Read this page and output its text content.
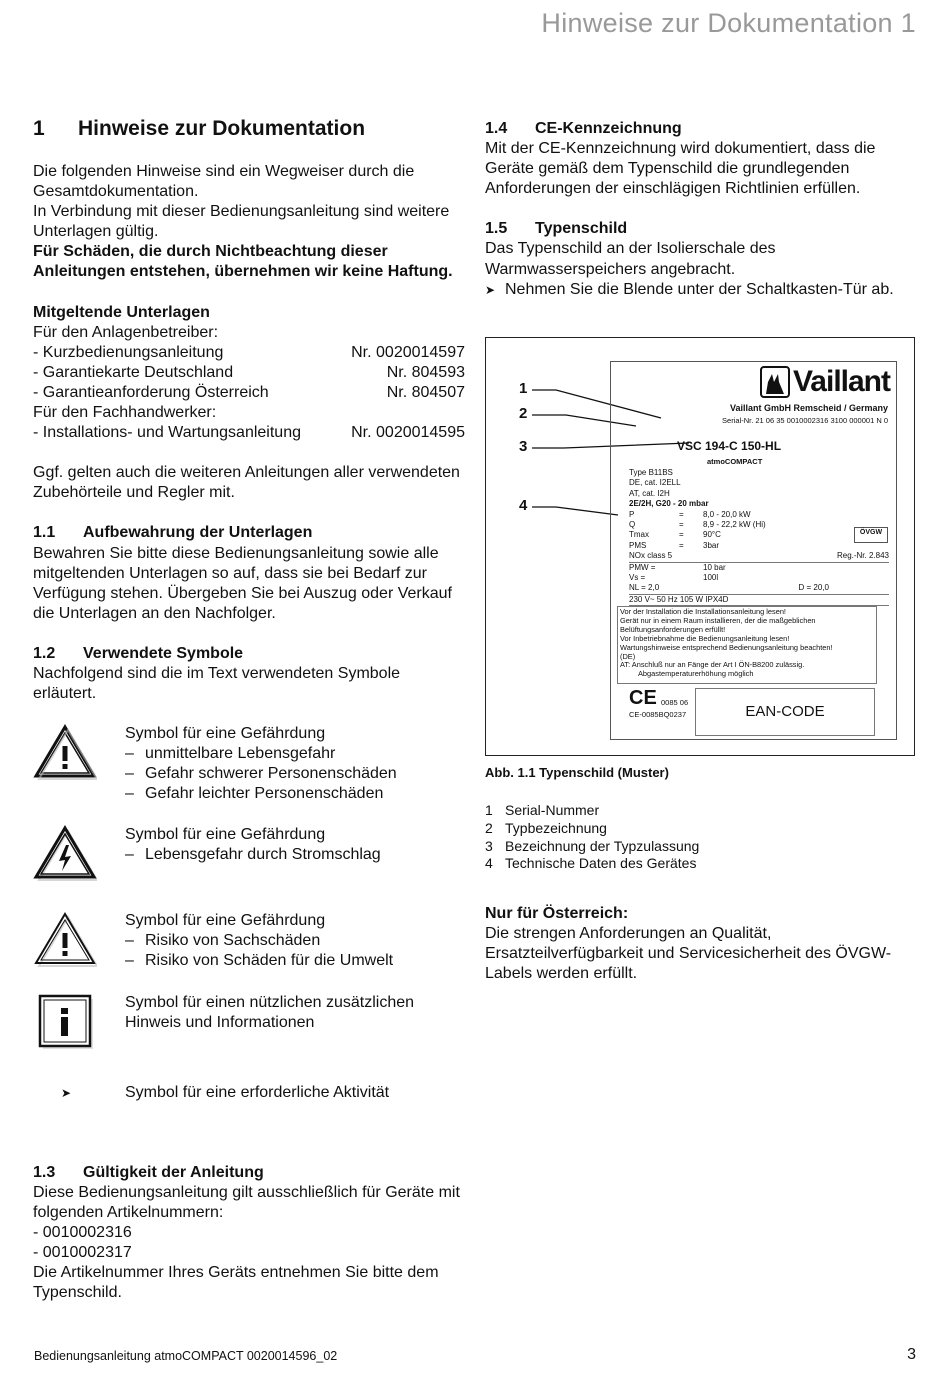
Hinweise zur Dokumentation 1
1 Hinweise zur Dokumentation

Die folgenden Hinweise sind ein Wegweiser durch die Gesamtdokumentation.

In Verbindung mit dieser Bedienungsanleitung sind weitere Unterlagen gültig.

Für Schäden, die durch Nichtbeachtung dieser Anleitungen entstehen, übernehmen wir keine Haftung.

Mitgeltende Unterlagen

Für den Anlagenbetreiber:

- Kurzbedienungsanleitung	Nr. 0020014597
- Garantiekarte Deutschland	Nr. 804593
- Garantieanforderung Österreich	Nr. 804507

Für den Fachhandwerker:

- Installations- und Wartungsanleitung	Nr. 0020014595

Ggf. gelten auch die weiteren Anleitungen aller verwendeten Zubehörteile und Regler mit.

1.1 Aufbewahrung der Unterlagen

Bewahren Sie bitte diese Bedienungsanleitung sowie alle mitgeltenden Unterlagen so auf, dass sie bei Bedarf zur Verfügung stehen. Übergeben Sie bei Auszug oder Verkauf die Unterlagen an den Nachfolger.

1.2 Verwendete Symbole

Nachfolgend sind die im Text verwendeten Symbole erläutert.

Symbol für eine Gefährdung

– unmittelbare Lebensgefahr
– Gefahr schwerer Personenschäden
– Gefahr leichter Personenschäden

Symbol für eine Gefährdung

– Lebensgefahr durch Stromschlag

Symbol für eine Gefährdung

– Risiko von Sachschäden
– Risiko von Schäden für die Umwelt

Symbol für einen nützlichen zusätzlichen Hinweis und Informationen

➤	Symbol für eine erforderliche Aktivität

1.3 Gültigkeit der Anleitung

Diese Bedienungsanleitung gilt ausschließlich für Geräte mit folgenden Artikelnummern:

- 0010002316

- 0010002317

Die Artikelnummer Ihres Geräts entnehmen Sie bitte dem Typenschild.

1.4 CE-Kennzeichnung

Mit der CE-Kennzeichnung wird dokumentiert, dass die Geräte gemäß dem Typenschild die grundlegenden Anforderungen der einschlägigen Richtlinien erfüllen.

1.5 Typenschild

Das Typenschild an der Isolierschale des Warmwasserspeichers angebracht.

➤ Nehmen Sie die Blende unter der Schaltkasten-Tür ab.
1
2
3
4
Vaillant
Vaillant GmbH Remscheid / Germany
Serial-Nr. 21 06 35 0010002316 3100 000001 N 0
VSC 194-C 150-HL
atmoCOMPACT
Type B11BS
DE, cat. I2ELL
AT, cat. I2H
2E/2H, G20 - 20 mbar
P	=	8,0 - 20,0 kW
Q	=	8,9 - 22,2 kW (Hi)
Tmax	=	90°C
PMS	=	3bar
NOx class 5	Reg.-Nr. 2.843
PMW =	10 bar
Vs =	100l
NL = 2,0	D = 20,0
230 V~ 50 Hz 105 W IPX4D
ÖVGW
Vor der Installation die Installationsanleitung lesen!
Gerät nur in einem Raum installieren, der die maßgeblichen
Belüftungsanforderungen erfüllt!
Vor Inbetriebnahme die Bedienungsanleitung lesen!
Wartungshinweise entsprechend Bedienungsanleitung beachten!
(DE)
AT: Anschluß nur an Fänge der Art I ÖN-B8200 zulässig.
Abgastemperaturerhöhung möglich
CE 0085 06
CE-0085BQ0237	EAN-CODE
Abb. 1.1 Typenschild (Muster)
1 Serial-Nummer
2 Typbezeichnung
3 Bezeichnung der Typzulassung
4 Technische Daten des Gerätes

Nur für Österreich:

Die strengen Anforderungen an Qualität, Ersatzteilverfügbarkeit und Servicesicherheit des ÖVGW-Labels werden erfüllt.

Bedienungsanleitung atmoCOMPACT 0020014596_02	3
